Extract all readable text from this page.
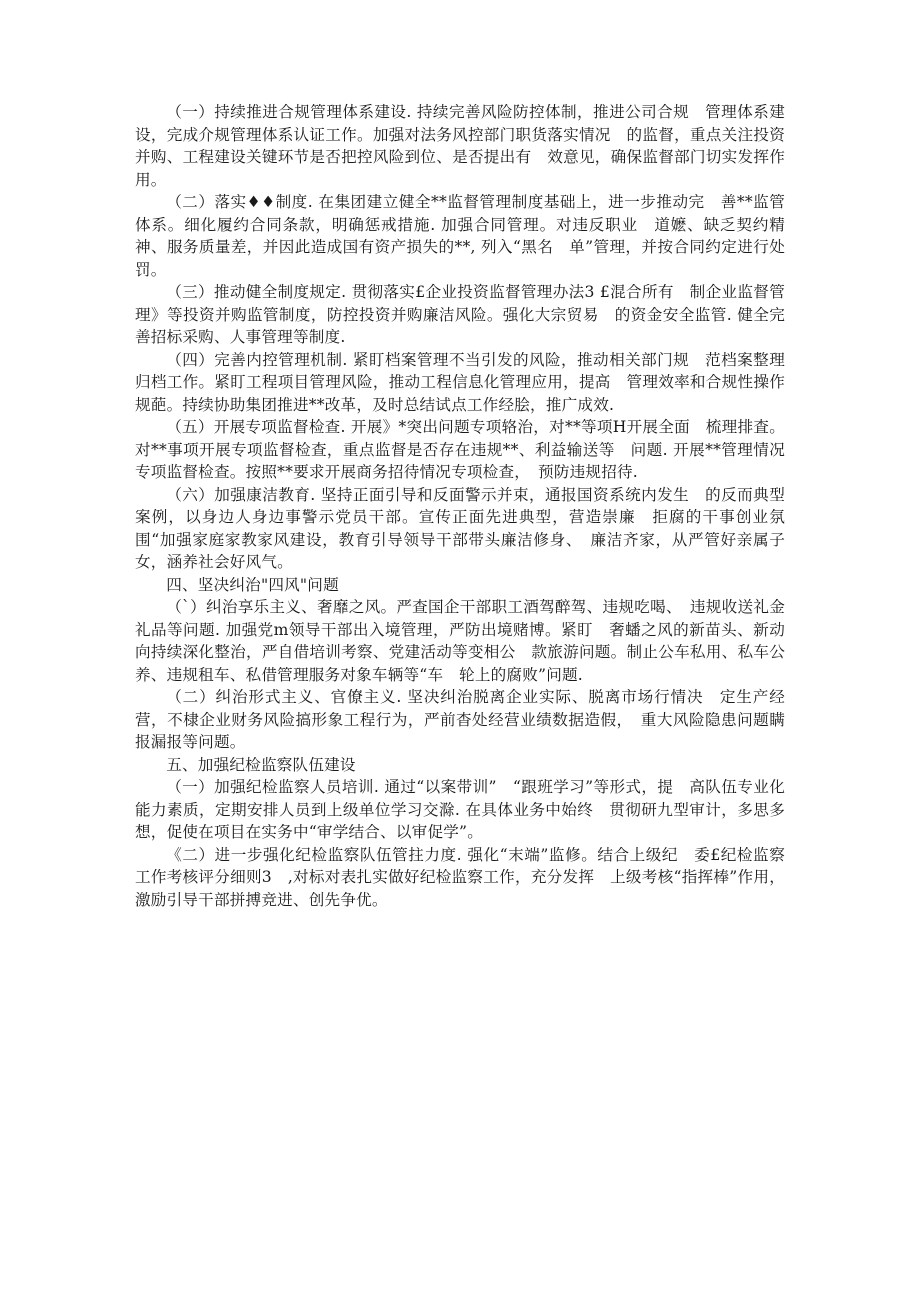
（一）持续推进合规管理体系建设. 持续完善风险防控体制，推进公司合规　管理体系建设，完成介规管理体系认证工作。加强对法务风控部门职货落实情况　的监督，重点关注投资并购、工程建设关键环节是否把控风险到位、是否提出有　效意见，确保监督部门切实发挥作用。

（二）落实♦♦制度. 在集团建立健全**监督管理制度基础上，进一步推动完　善**监管体系。细化履约合同条款，明确惩戒措施. 加强合同管理。对违反职业　道嬷、缺乏契约精神、服务质量差，并因此造成国有资产损失的**, 列入“黑名　单”管理，并按合同约定进行处罚。

（三）推动健全制度规定. 贯彻落实£企业投资监督管理办法3 £混合所有　制企业监督管理》等投资并购监管制度，防控投资并购廉洁风险。强化大宗贸易　的资金安全监管. 健全完善招标采购、人事管理等制度.

（四）完善内控管理机制. 紧盯档案管理不当引发的风险，推动相关部门规　范档案整理归档工作。紧盯工程项目管理风险，推动工程信息化管理应用，提高　管理效率和合规性操作规葩。持续协助集团推进**改革，及时总结试点工作经脍，推广成效.

（五）开展专项监督检查. 开展》*突出问题专项辂治，对**等项H开展全面　梳理排査。对**事项开展专项监督检查，重点监督是否存在违规**、利益输送等　问题. 开展**管理情况专项监督检查。按照**要求开展商务招待情况专项检查，　预防违规招待.

（六）加强康洁教育. 坚持正面引导和反面警示并束，通报国资系统内发生　的反而典型案例，以身边人身边事警示党员干部。宣传正面先进典型，营造崇廉　拒腐的干事创业氛围“加强家庭家教家风建设，教育引导领导干部带头廉洁修身、　廉洁齐家，从严管好亲属子女，涵养社会好风气。

四、坚决纠治"四风"问题

（ˋ）纠治享乐主义、奢靡之风。严查国企干部职工酒驾醉驾、违规吃喝、　违规收送礼金礼品等问题. 加强党m领导干部出入境管理，严防出境赌博。紧盯　奢蟠之风的新苗头、新动向持续深化整治，严自借培训考察、党建活动等变相公　款旅游问题。制止公车私用、私车公养、违规租车、私借管理服务对象车辆等“车　轮上的腐败”问题.

（二）纠治形式主义、官僚主义. 坚决纠治脱离企业实际、脱离市场行情决　定生产经营，不棣企业财务风险搞形象工程行为，严前杳处经营业绩数据造假，　重大风险隐患问题瞒报漏报等问题。

五、加强纪检监察队伍建设

（一）加强纪检监察人员培训. 通过“以案带训”　“跟班学习”等形式，提　高队伍专业化能力素质，定期安排人员到上级单位学习交滁. 在具体业务中始终　贯彻研九型审计，多思多想，促使在项目在实务中“审学结合、以审促学”。

《二）进一步强化纪检监察队伍管拄力度. 强化“末端”监修。结合上级纪　委£纪检监察工作考核评分细则3　,对标对表扎实做好纪检监察工作，充分发挥　上级考核“指挥棒”作用，激励引导干部拼搏竞进、创先争优。
